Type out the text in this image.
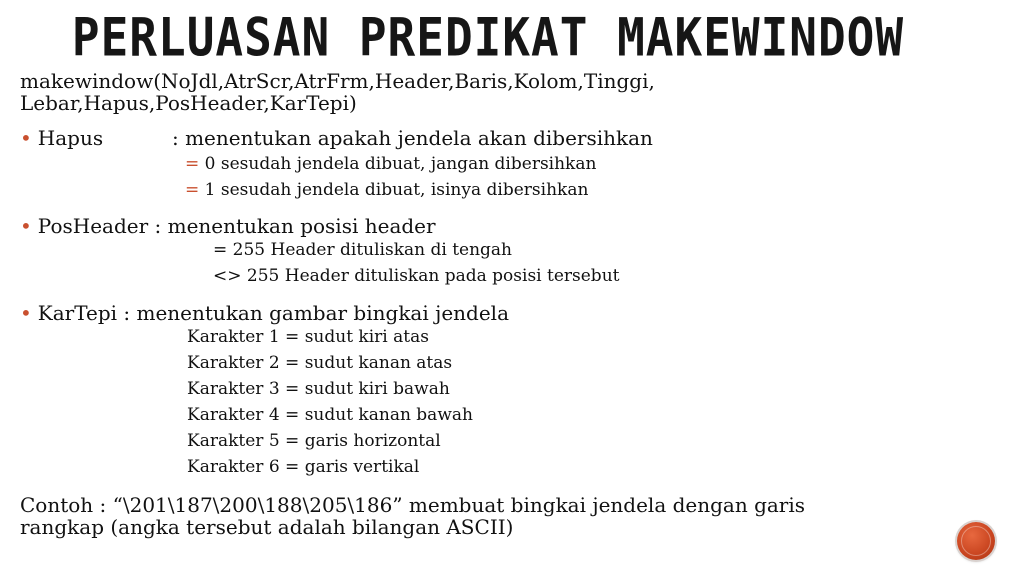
PERLUASAN PREDIKAT MAKEWINDOW
makewindow(NoJdl,AtrScr,AtrFrm,Header,Baris,Kolom,Tinggi,
Lebar,Hapus,PosHeader,KarTepi)
• Hapus	: menentukan apakah jendela akan dibersihkan
= 0 sesudah jendela dibuat, jangan dibersihkan
= 1 sesudah jendela dibuat, isinya dibersihkan
• PosHeader : menentukan posisi header
= 255 Header dituliskan di tengah
<> 255 Header dituliskan pada posisi tersebut
• KarTepi : menentukan gambar bingkai jendela
Karakter 1 = sudut kiri atas
Karakter 2 = sudut kanan atas
Karakter 3 = sudut kiri bawah
Karakter 4 = sudut kanan bawah
Karakter 5 = garis horizontal
Karakter 6 = garis vertikal
Contoh : “\201\187\200\188\205\186” membuat bingkai jendela dengan garis
rangkap (angka tersebut adalah bilangan ASCII)
